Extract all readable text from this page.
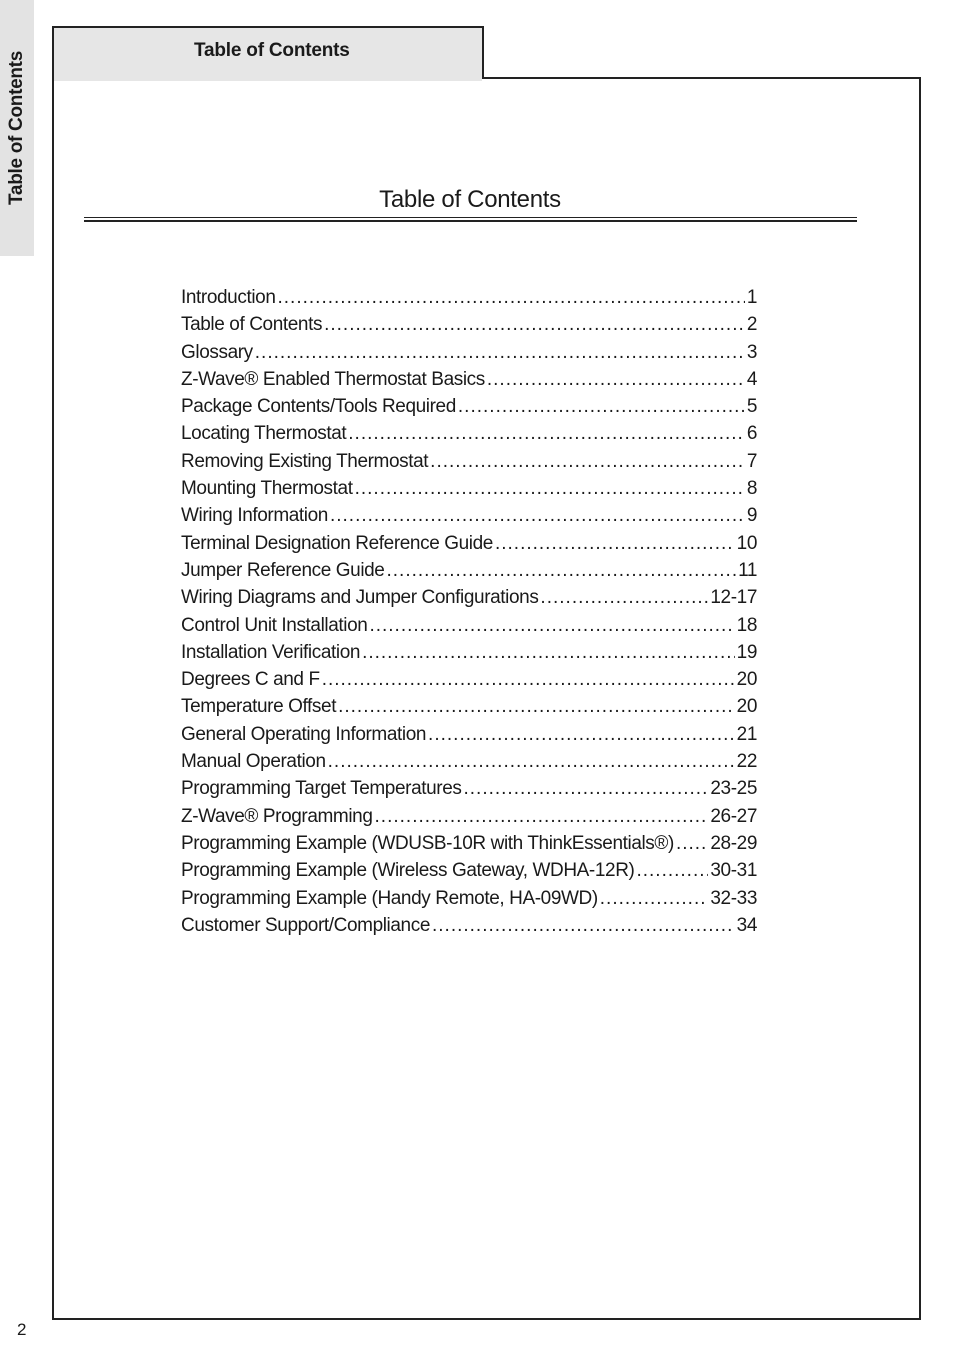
Table of Contents
Table of Contents
Table of Contents
Introduction .....	1
Table of Contents .....	2
Glossary .....	3
Z-Wave® Enabled Thermostat Basics .....	4
Package Contents/Tools Required .....	5
Locating Thermostat .....	6
Removing Existing Thermostat .....	7
Mounting Thermostat .....	8
Wiring Information .....	9
Terminal Designation Reference Guide .....	10
Jumper Reference Guide .....	11
Wiring Diagrams and Jumper Configurations .....	12-17
Control Unit Installation .....	18
Installation Verification .....	19
Degrees C and F .....	20
Temperature Offset .....	20
General Operating Information .....	21
Manual Operation .....	22
Programming Target Temperatures .....	23-25
Z-Wave® Programming .....	26-27
Programming Example (WDUSB-10R with ThinkEssentials®) ..... 28-29
Programming Example (Wireless Gateway, WDHA-12R) .....	30-31
Programming Example (Handy Remote, HA-09WD) .....	32-33
Customer Support/Compliance .....	34
2
